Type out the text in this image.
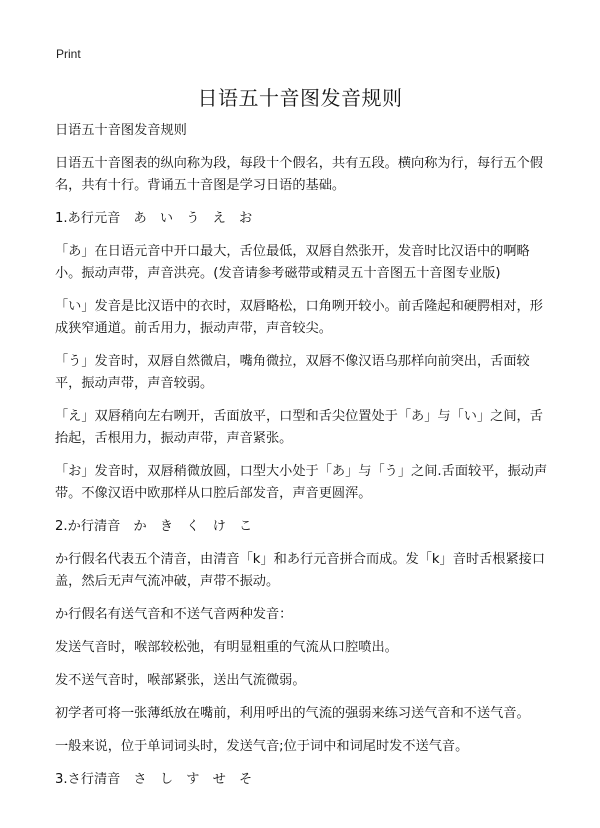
Print
日语五十音图发音规则

日语五十音图发音规则

日语五十音图表的纵向称为段，每段十个假名，共有五段。横向称为行，每行五个假名，共有十行。背诵五十音图是学习日语的基础。

1.あ行元音　あ　い　う　え　お

「あ」在日语元音中开口最大，舌位最低，双唇自然张开，发音时比汉语中的啊略小。振动声带，声音洪亮。(发音请参考磁带或精灵五十音图五十音图专业版)

「い」发音是比汉语中的衣时，双唇略松，口角咧开较小。前舌隆起和硬腭相对，形成狭窄通道。前舌用力，振动声带，声音较尖。

「う」发音时，双唇自然微启，嘴角微拉，双唇不像汉语乌那样向前突出，舌面较平，振动声带，声音较弱。

「え」双唇稍向左右咧开，舌面放平，口型和舌尖位置处于「あ」与「い」之间，舌抬起，舌根用力，振动声带，声音紧张。

「お」发音时，双唇稍微放圆，口型大小处于「あ」与「う」之间.舌面较平，振动声带。不像汉语中欧那样从口腔后部发音，声音更圆浑。

2.か行清音　か　き　く　け　こ

か行假名代表五个清音，由清音「k」和あ行元音拼合而成。发「k」音时舌根紧接口盖，然后无声气流冲破，声带不振动。

か行假名有送气音和不送气音两种发音：

发送气音时，喉部较松弛，有明显粗重的气流从口腔喷出。

发不送气音时，喉部紧张，送出气流微弱。

初学者可将一张薄纸放在嘴前，利用呼出的气流的强弱来练习送气音和不送气音。

一般来说，位于单词词头时，发送气音;位于词中和词尾时发不送气音。

3.さ行清音　さ　し　す　せ　そ
